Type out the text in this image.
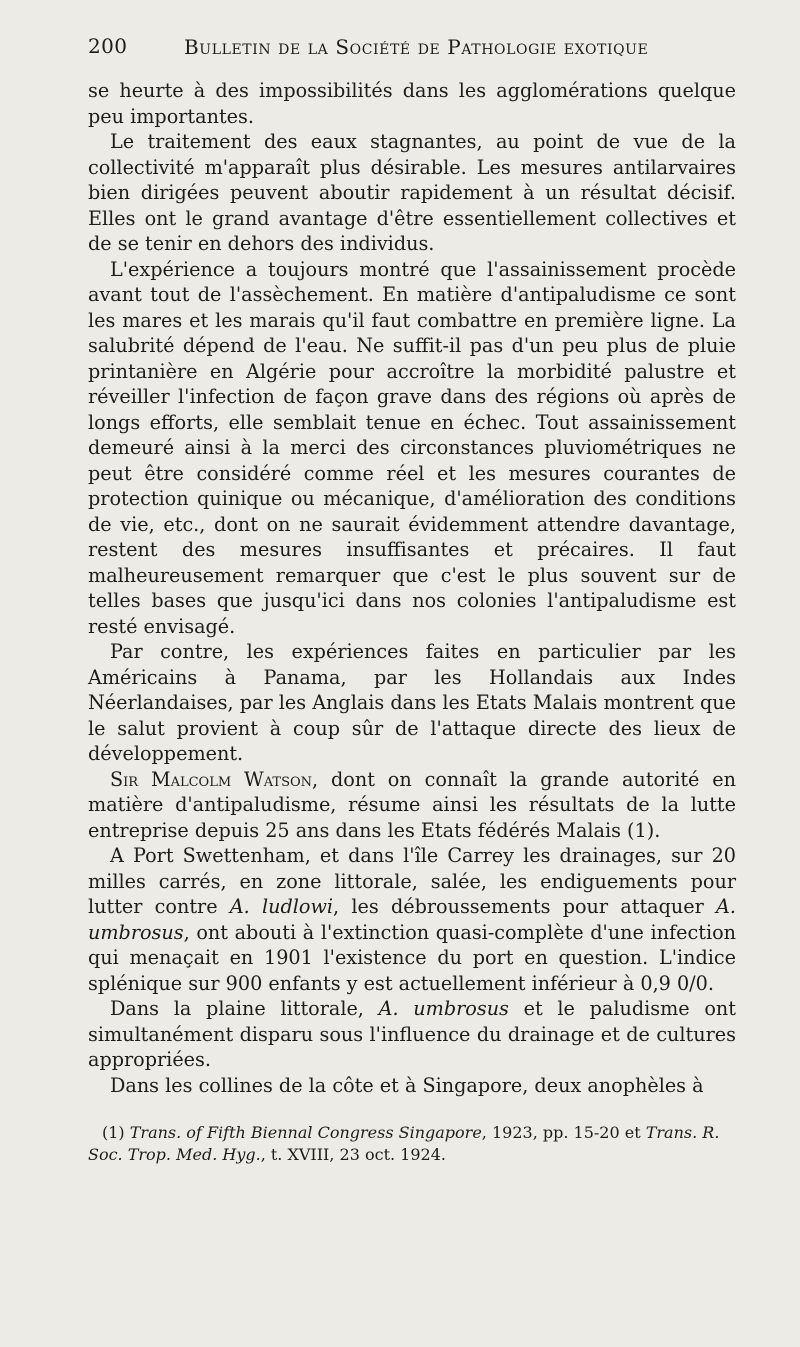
200	Bulletin de la Société de Pathologie exotique

se heurte à des impossibilités dans les agglomérations quelque peu importantes.

Le traitement des eaux stagnantes, au point de vue de la collectivité m'apparaît plus désirable. Les mesures antilarvaires bien dirigées peuvent aboutir rapidement à un résultat décisif. Elles ont le grand avantage d'être essentiellement collectives et de se tenir en dehors des individus.

L'expérience a toujours montré que l'assainissement procède avant tout de l'assèchement. En matière d'antipaludisme ce sont les mares et les marais qu'il faut combattre en première ligne. La salubrité dépend de l'eau. Ne suffit-il pas d'un peu plus de pluie printanière en Algérie pour accroître la morbidité palustre et réveiller l'infection de façon grave dans des régions où après de longs efforts, elle semblait tenue en échec. Tout assainissement demeuré ainsi à la merci des circonstances pluviométriques ne peut être considéré comme réel et les mesures courantes de protection quinique ou mécanique, d'amélioration des conditions de vie, etc., dont on ne saurait évidemment attendre davantage, restent des mesures insuffisantes et précaires. Il faut malheureusement remarquer que c'est le plus souvent sur de telles bases que jusqu'ici dans nos colonies l'antipaludisme est resté envisagé.

Par contre, les expériences faites en particulier par les Américains à Panama, par les Hollandais aux Indes Néerlandaises, par les Anglais dans les Etats Malais montrent que le salut provient à coup sûr de l'attaque directe des lieux de développement.

Sir Malcolm Watson, dont on connaît la grande autorité en matière d'antipaludisme, résume ainsi les résultats de la lutte entreprise depuis 25 ans dans les Etats fédérés Malais (1).

A Port Swettenham, et dans l'île Carrey les drainages, sur 20 milles carrés, en zone littorale, salée, les endiguements pour lutter contre A. ludlowi, les débroussements pour attaquer A. umbrosus, ont abouti à l'extinction quasi-complète d'une infection qui menaçait en 1901 l'existence du port en question. L'indice splénique sur 900 enfants y est actuellement inférieur à 0,9 0/0.

Dans la plaine littorale, A. umbrosus et le paludisme ont simultanément disparu sous l'influence du drainage et de cultures appropriées.

Dans les collines de la côte et à Singapore, deux anophèles à

(1) Trans. of Fifth Biennal Congress Singapore, 1923, pp. 15-20 et Trans. R. Soc. Trop. Med. Hyg., t. XVIII, 23 oct. 1924.
